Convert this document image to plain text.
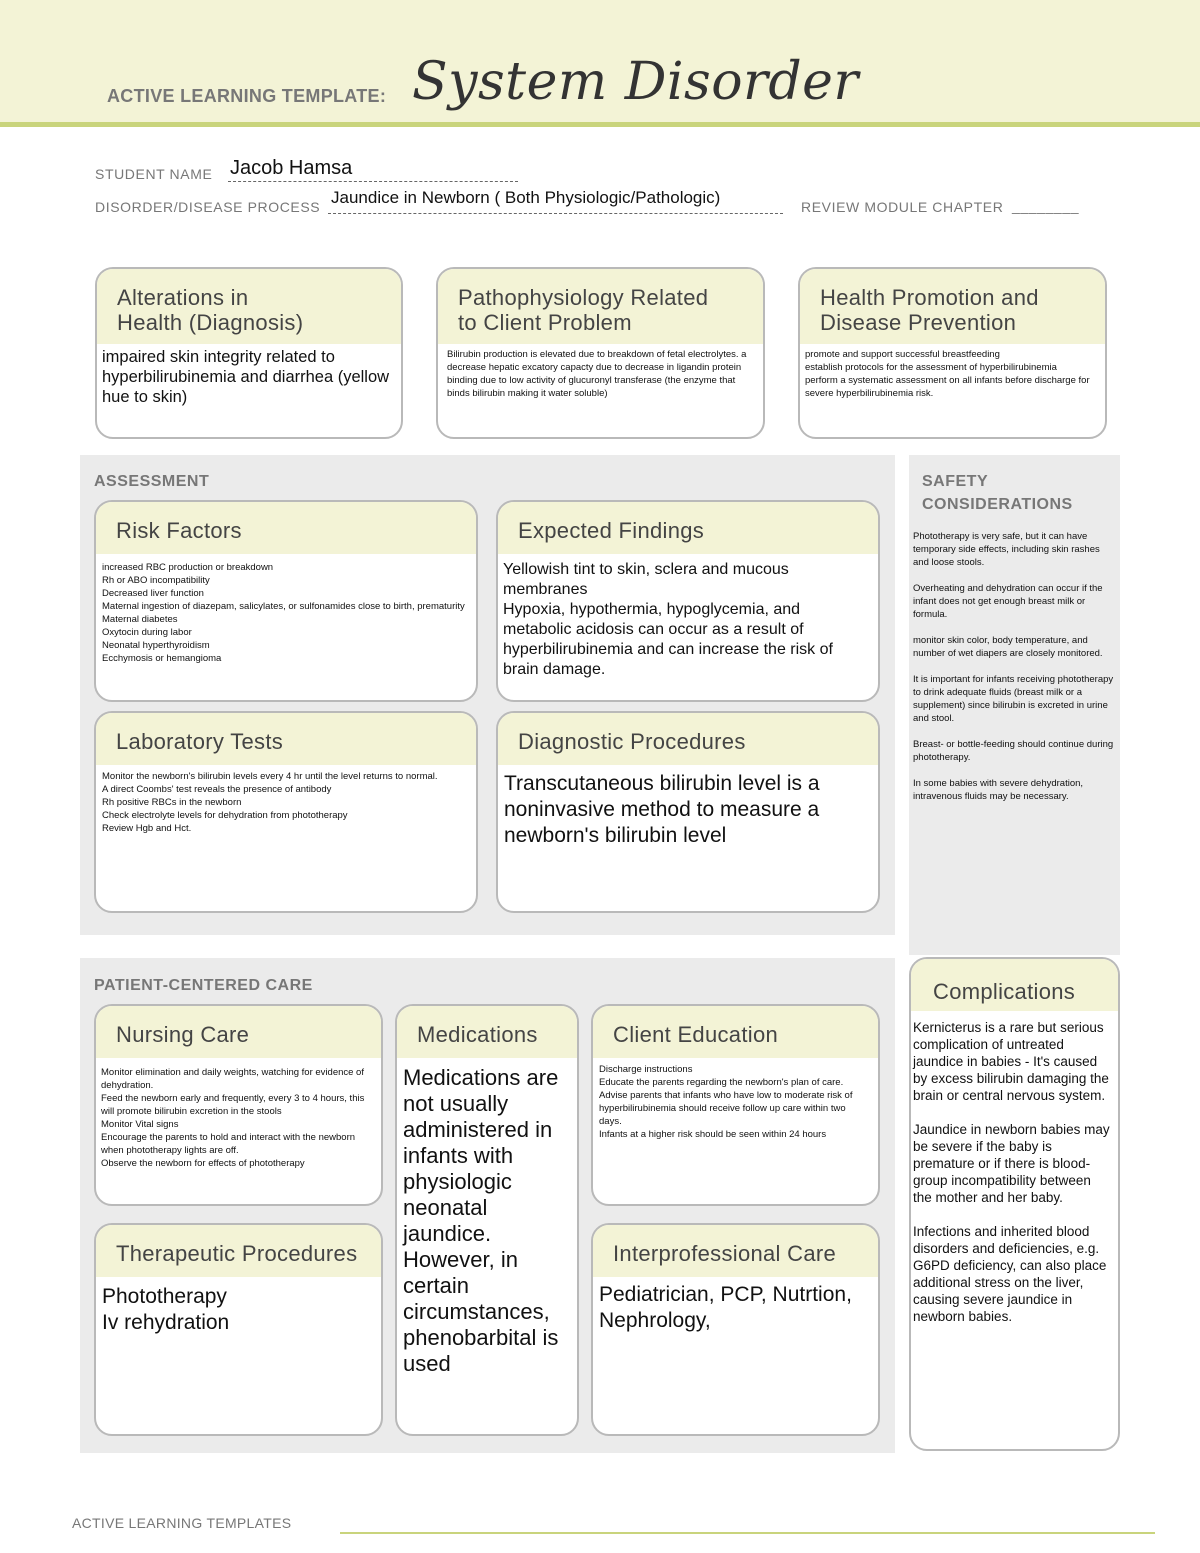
ACTIVE LEARNING TEMPLATE: System Disorder
STUDENT NAME Jacob Hamsa
DISORDER/DISEASE PROCESS Jaundice in Newborn ( Both Physiologic/Pathologic)	REVIEW MODULE CHAPTER ________
Alterations in
Health (Diagnosis)
impaired skin integrity related to hyperbilirubinemia and diarrhea (yellow hue to skin)
Pathophysiology Related
to Client Problem
Bilirubin production is elevated due to breakdown of fetal electrolytes. a decrease hepatic excatory capacty due to decrease in ligandin protein binding due to low activity of glucuronyl transferase (the enzyme that binds bilirubin making it water soluble)
Health Promotion and
Disease Prevention
promote and support successful breastfeeding
establish protocols for the assessment of hyperbilirubinemia
perform a systematic assessment on all infants before discharge for severe hyperbilirubinemia risk.
ASSESSMENT
Risk Factors
increased RBC production or breakdown
Rh or ABO incompatibility
Decreased liver function
Maternal ingestion of diazepam, salicylates, or sulfonamides close to birth, prematurity
Maternal diabetes
Oxytocin during labor
Neonatal hyperthyroidism
Ecchymosis or hemangioma
Expected Findings
Yellowish tint to skin, sclera and mucous membranes
Hypoxia, hypothermia, hypoglycemia, and metabolic acidosis can occur as a result of hyperbilirubinemia and can increase the risk of brain damage.
Laboratory Tests
Monitor the newborn's bilirubin levels every 4 hr until the level returns to normal.
A direct Coombs' test reveals the presence of antibody
Rh positive RBCs in the newborn
Check electrolyte levels for dehydration from phototherapy
Review Hgb and Hct.
Diagnostic Procedures
Transcutaneous bilirubin level is a noninvasive method to measure a newborn's bilirubin level
SAFETY
CONSIDERATIONS
Phototherapy is very safe, but it can have temporary side effects, including skin rashes and loose stools.

Overheating and dehydration can occur if the infant does not get enough breast milk or formula.

monitor skin color, body temperature, and number of wet diapers are closely monitored.

It is important for infants receiving phototherapy to drink adequate fluids (breast milk or a supplement) since bilirubin is excreted in urine and stool.

Breast- or bottle-feeding should continue during phototherapy.

In some babies with severe dehydration, intravenous fluids may be necessary.
PATIENT-CENTERED CARE
Nursing Care
Monitor elimination and daily weights, watching for evidence of dehydration.
Feed the newborn early and frequently, every 3 to 4 hours, this will promote bilirubin excretion in the stools
Monitor Vital signs
Encourage the parents to hold and interact with the newborn when phototherapy lights are off.
Observe the newborn for effects of phototherapy
Medications
Medications are not usually administered in infants with physiologic neonatal jaundice. However, in certain circumstances, phenobarbital is used
Client Education
Discharge instructions
Educate the parents regarding the newborn's plan of care.
Advise parents that infants who have low to moderate risk of hyperbilirubinemia should receive follow up care within two days.
Infants at a higher risk should be seen within 24 hours
Therapeutic Procedures
Phototherapy
Iv rehydration
Interprofessional Care
Pediatrician, PCP, Nutrtion, Nephrology,
Complications
Kernicterus is a rare but serious complication of untreated jaundice in babies - It's caused by excess bilirubin damaging the brain or central nervous system.

Jaundice in newborn babies may be severe if the baby is premature or if there is blood-group incompatibility between the mother and her baby.

Infections and inherited blood disorders and deficiencies, e.g. G6PD deficiency, can also place additional stress on the liver, causing severe jaundice in newborn babies.
ACTIVE LEARNING TEMPLATES
